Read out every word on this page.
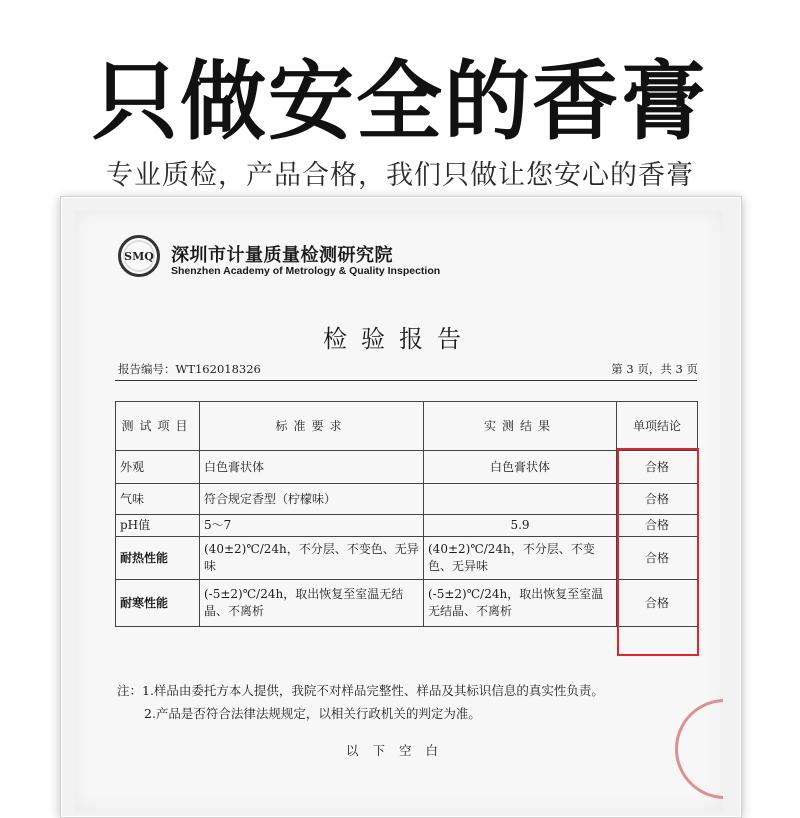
只做安全的香膏
专业质检，产品合格，我们只做让您安心的香膏
SMQ 深圳市计量质量检测研究院
Shenzhen Academy of Metrology & Quality Inspection
检验报告
报告编号：WT162018326	第 3 页，共 3 页
测试项目	标准要求	实测结果	单项结论
外观	白色膏状体	白色膏状体	合格
气味	符合规定香型（柠檬味）		合格
pH值	5～7	5.9	合格
耐热性能	(40±2)℃/24h，不分层、不变色、无异味	(40±2)℃/24h，不分层、不变色、无异味	合格
耐寒性能	(-5±2)℃/24h，取出恢复至室温无结晶、不离析	(-5±2)℃/24h，取出恢复至室温无结晶、不离析	合格
注：1.样品由委托方本人提供，我院不对样品完整性、样品及其标识信息的真实性负责。
2.产品是否符合法律法规规定，以相关行政机关的判定为准。
以下空白
